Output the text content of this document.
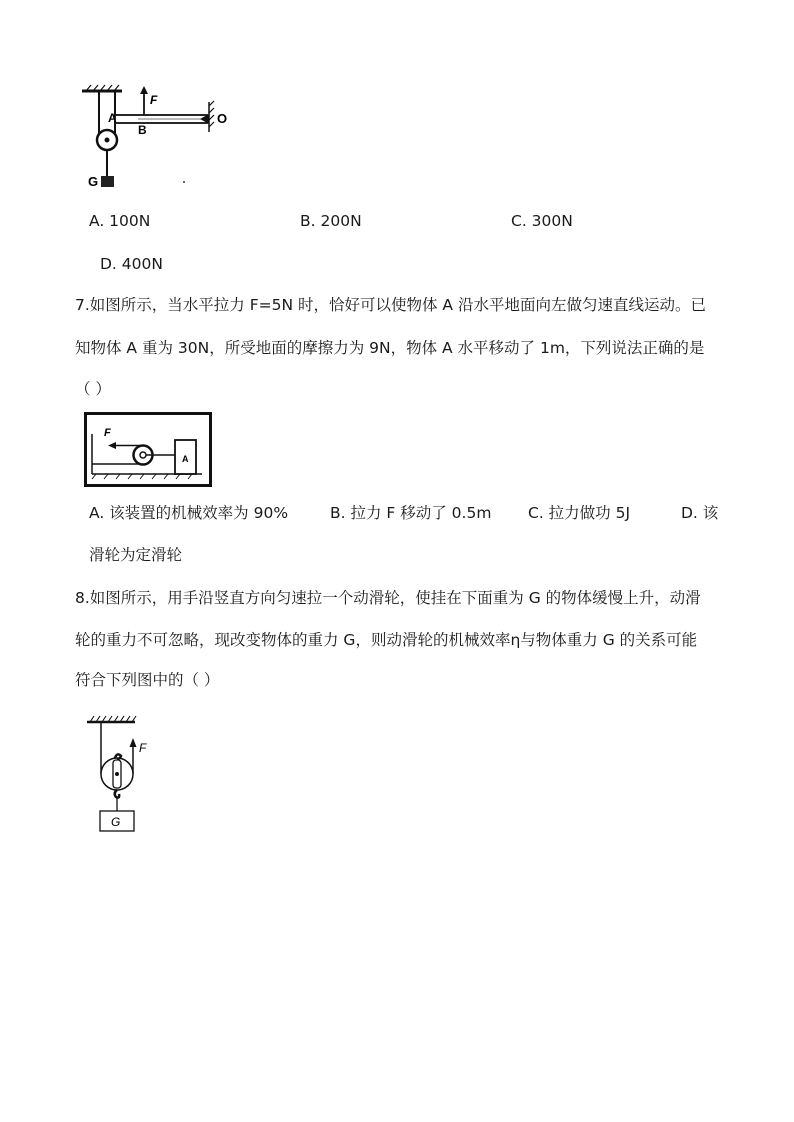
F
A
B
O
G
A. 100N	B. 200N	C. 300N
D. 400N
7.如图所示，当水平拉力 F=5N 时，恰好可以使物体 A 沿水平地面向左做匀速直线运动。已
知物体 A 重为 30N，所受地面的摩擦力为 9N，物体 A 水平移动了 1m，下列说法正确的是
（ ）
F
A
A. 该装置的机械效率为 90%	B. 拉力 F 移动了 0.5m C. 拉力做功 5J	D. 该
滑轮为定滑轮
8.如图所示，用手沿竖直方向匀速拉一个动滑轮，使挂在下面重为 G 的物体缓慢上升，动滑
轮的重力不可忽略，现改变物体的重力 G，则动滑轮的机械效率η与物体重力 G 的关系可能
符合下列图中的（ ）
F
G
